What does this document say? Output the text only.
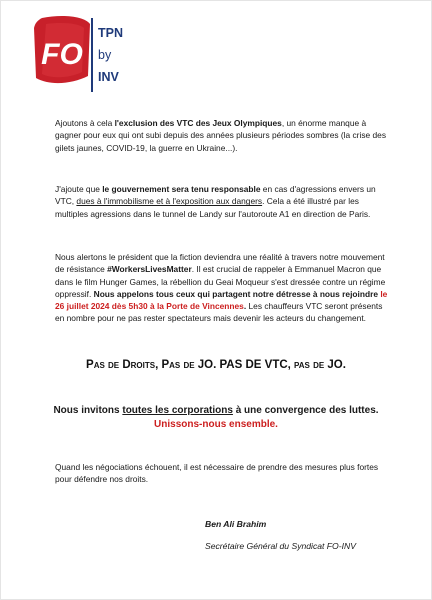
FO
TPN
by
INV

Ajoutons à cela l'exclusion des VTC des Jeux Olympiques, un énorme manque à gagner pour eux qui ont subi depuis des années plusieurs périodes sombres (la crise des gilets jaunes, COVID-19, la guerre en Ukraine...).

J'ajoute que le gouvernement sera tenu responsable en cas d'agressions envers un VTC, dues à l'immobilisme et à l'exposition aux dangers. Cela a été illustré par les multiples agressions dans le tunnel de Landy sur l'autoroute A1 en direction de Paris.

Nous alertons le président que la fiction deviendra une réalité à travers notre mouvement de résistance #WorkersLivesMatter. Il est crucial de rappeler à Emmanuel Macron que dans le film Hunger Games, la rébellion du Geai Moqueur s'est dressée contre un régime oppressif. Nous appelons tous ceux qui partagent notre détresse à nous rejoindre le 26 juillet 2024 dès 5h30 à la Porte de Vincennes. Les chauffeurs VTC seront présents en nombre pour ne pas rester spectateurs mais devenir les acteurs du changement.

Pas de Droits, Pas de JO. PAS DE VTC, pas de JO.
Nous invitons toutes les corporations à une convergence des luttes.
Unissons-nous ensemble.

Quand les négociations échouent, il est nécessaire de prendre des mesures plus fortes pour défendre nos droits.

Ben Ali Brahim
Secrétaire Général du Syndicat FO-INV
